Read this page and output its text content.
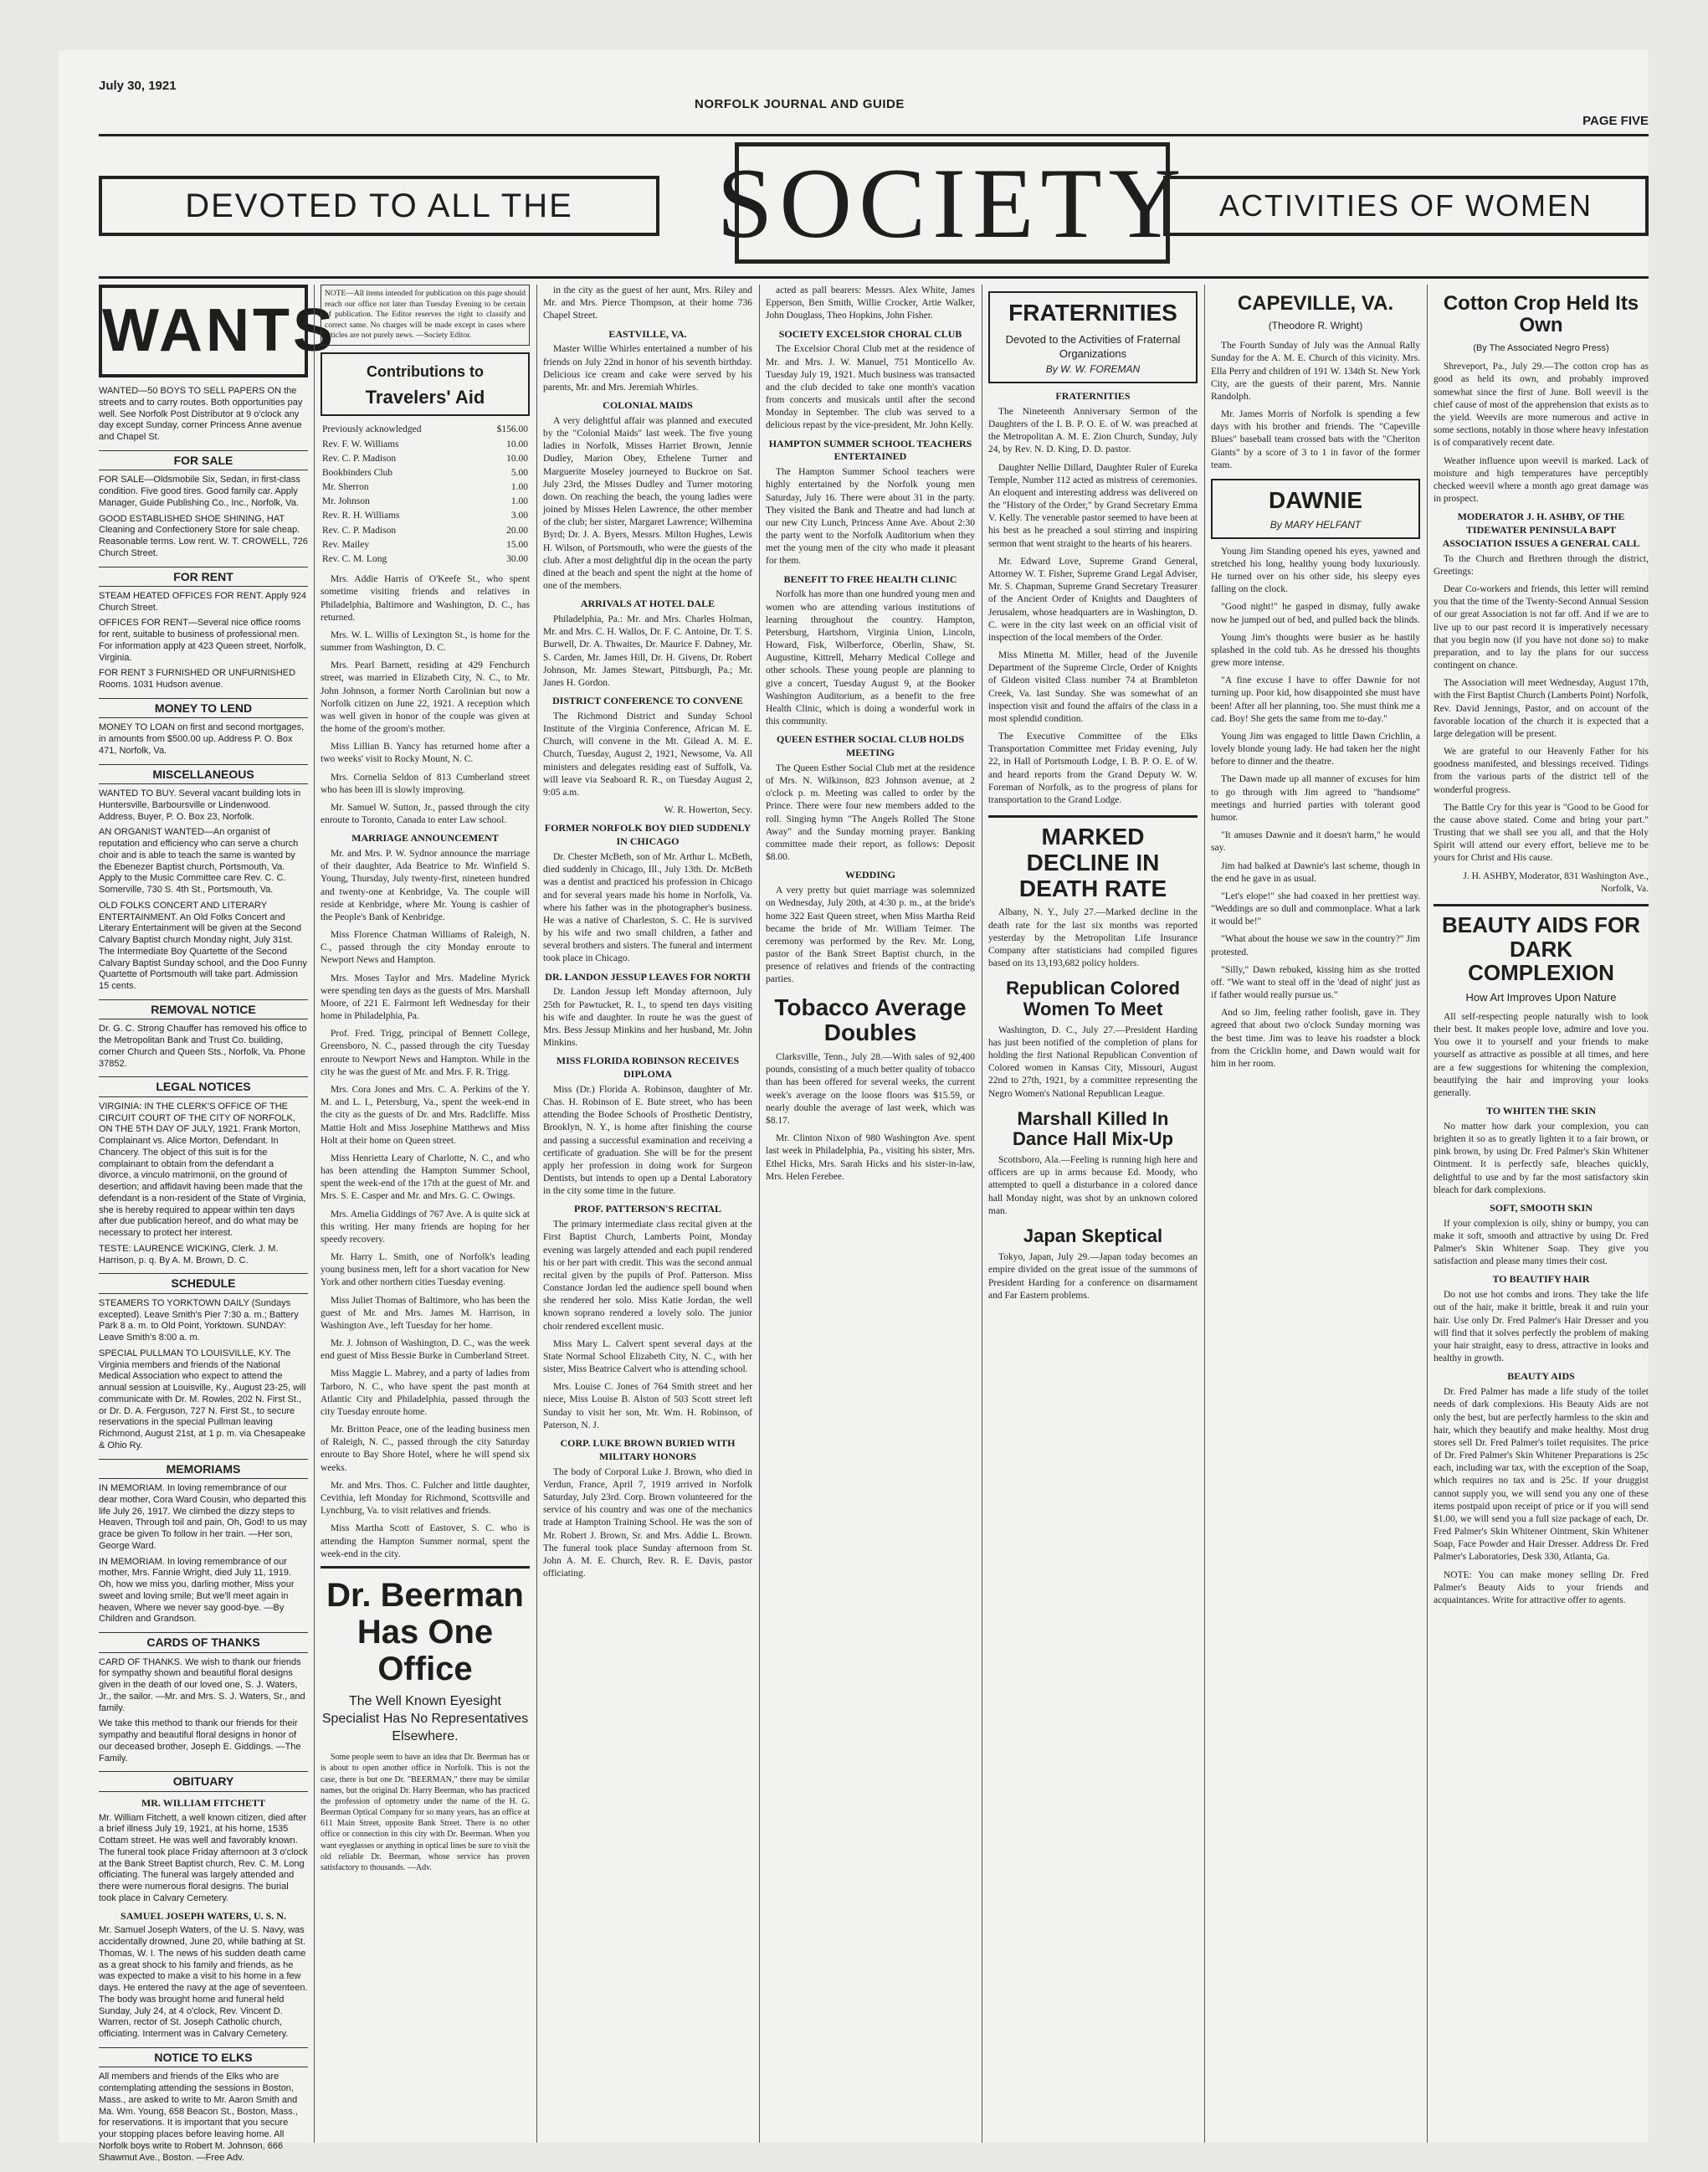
July 30, 1921
NORFOLK JOURNAL AND GUIDE
PAGE FIVE
DEVOTED TO ALL THE	SOCIETY	ACTIVITIES OF WOMEN
WANTS
WANTED—50 BOYS TO SELL PAPERS ON the streets and to carry routes. Both opportunities pay well. See Norfolk Post Distributor at 9 o'clock any day except Sunday, corner Princess Anne avenue and Chapel St.
FOR SALE
FOR SALE—Oldsmobile Six, Sedan, in first-class condition. Five good tires. Good family car. Apply Manager, Guide Publishing Co., Inc., Norfolk, Va.
GOOD ESTABLISHED SHOE SHINING, HAT Cleaning and Confectionery Store for sale cheap. Reasonable terms. Low rent. W. T. CROWELL, 726 Church Street.
FOR RENT
STEAM HEATED OFFICES FOR RENT. Apply 924 Church Street.
OFFICES FOR RENT—Several nice office rooms for rent, suitable to business of professional men. For information apply at 423 Queen street, Norfolk, Virginia.
FOR RENT 3 FURNISHED OR UNFURNISHED Rooms. 1031 Hudson avenue.
MONEY TO LEND
MONEY TO LOAN on first and second mortgages, in amounts from $500.00 up. Address P. O. Box 471, Norfolk, Va.
MISCELLANEOUS
WANTED TO BUY. Several vacant building lots in Huntersville, Barboursville or Lindenwood. Address, Buyer, P. O. Box 23, Norfolk.
AN ORGANIST WANTED—An organist of reputation and efficiency who can serve a church choir and is able to teach the same is wanted by the Ebenezer Baptist church, Portsmouth, Va. Apply to the Music Committee care Rev. C. C. Somerville, 730 S. 4th St., Portsmouth, Va.
OLD FOLKS CONCERT AND LITERARY ENTERTAINMENT. An Old Folks Concert and Literary Entertainment will be given at the Second Calvary Baptist church Monday night, July 31st. The Intermediate Boy Quartette of the Second Calvary Baptist Sunday school, and the Doo Funny Quartette of Portsmouth will take part. Admission 15 cents.
REMOVAL NOTICE
Dr. G. C. Strong Chauffer has removed his office to the Metropolitan Bank and Trust Co. building, corner Church and Queen Sts., Norfolk, Va. Phone 37852.
LEGAL NOTICES
VIRGINIA: IN THE CLERK'S OFFICE OF THE CIRCUIT COURT OF THE CITY OF NORFOLK, ON THE 5TH DAY OF JULY, 1921. Frank Morton, Complainant vs. Alice Morton, Defendant. In Chancery. The object of this suit is for the complainant to obtain from the defendant a divorce, a vinculo matrimonii, on the ground of desertion; and affidavit having been made that the defendant is a non-resident of the State of Virginia, she is hereby required to appear within ten days after due publication hereof, and do what may be necessary to protect her interest.
TESTE: LAURENCE WICKING, Clerk. J. M. Harrison, p. q. By A. M. Brown, D. C.
SCHEDULE
STEAMERS TO YORKTOWN DAILY (Sundays excepted). Leave Smith's Pier 7:30 a. m.; Battery Park 8 a. m. to Old Point, Yorktown. SUNDAY: Leave Smith's 8:00 a. m.
SPECIAL PULLMAN TO LOUISVILLE, KY. The Virginia members and friends of the National Medical Association who expect to attend the annual session at Louisville, Ky., August 23-25, will communicate with Dr. M. Rowles, 202 N. First St., or Dr. D. A. Ferguson, 727 N. First St., to secure reservations in the special Pullman leaving Richmond, August 21st, at 1 p. m. via Chesapeake & Ohio Ry.
MEMORIAMS
IN MEMORIAM. In loving remembrance of our dear mother, Cora Ward Cousin, who departed this life July 26, 1917. We climbed the dizzy steps to Heaven, Through toil and pain, Oh, God! to us may grace be given To follow in her train. —Her son, George Ward.
IN MEMORIAM. In loving remembrance of our mother, Mrs. Fannie Wright, died July 11, 1919. Oh, how we miss you, darling mother, Miss your sweet and loving smile; But we'll meet again in heaven, Where we never say good-bye. —By Children and Grandson.
CARDS OF THANKS
CARD OF THANKS. We wish to thank our friends for sympathy shown and beautiful floral designs given in the death of our loved one, S. J. Waters, Jr., the sailor. —Mr. and Mrs. S. J. Waters, Sr., and family.
We take this method to thank our friends for their sympathy and beautiful floral designs in honor of our deceased brother, Joseph E. Giddings. —The Family.
OBITUARY
MR. WILLIAM FITCHETT
Mr. William Fitchett, a well known citizen, died after a brief illness July 19, 1921, at his home, 1535 Cottam street. He was well and favorably known. The funeral took place Friday afternoon at 3 o'clock at the Bank Street Baptist church, Rev. C. M. Long officiating. The funeral was largely attended and there were numerous floral designs. The burial took place in Calvary Cemetery.
SAMUEL JOSEPH WATERS, U. S. N.
Mr. Samuel Joseph Waters, of the U. S. Navy, was accidentally drowned, June 20, while bathing at St. Thomas, W. I. The news of his sudden death came as a great shock to his family and friends, as he was expected to make a visit to his home in a few days. He entered the navy at the age of seventeen. The body was brought home and funeral held Sunday, July 24, at 4 o'clock, Rev. Vincent D. Warren, rector of St. Joseph Catholic church, officiating. Interment was in Calvary Cemetery.
NOTICE TO ELKS
All members and friends of the Elks who are contemplating attending the sessions in Boston, Mass., are asked to write to Mr. Aaron Smith and Ma. Wm. Young, 658 Beacon St., Boston, Mass., for reservations. It is important that you secure your stopping places before leaving home. All Norfolk boys write to Robert M. Johnson, 666 Shawmut Ave., Boston. —Free Adv.
NOTE—All items intended for publication on this page should reach our office not later than Tuesday Evening to be certain of publication. The Editor reserves the right to classify and correct same. No charges will be made except in cases where articles are not purely news. —Society Editor.
Contributions to
Travelers' Aid
Previously acknowledged	$156.00
Rev. F. W. Williams	10.00
Rev. C. P. Madison	10.00
Bookbinders Club	5.00
Mr. Sherron	1.00
Mr. Johnson	1.00
Rev. R. H. Williams	3.00
Rev. C. P. Madison	20.00
Rev. Mailey	15.00
Rev. C. M. Long	30.00

Mrs. Addie Harris of O'Keefe St., who spent sometime visiting friends and relatives in Philadelphia, Baltimore and Washington, D. C., has returned.

Mrs. W. L. Willis of Lexington St., is home for the summer from Washington, D. C.

Mrs. Pearl Barnett, residing at 429 Fenchurch street, was married in Elizabeth City, N. C., to Mr. John Johnson, a former North Carolinian but now a Norfolk citizen on June 22, 1921. A reception which was well given in honor of the couple was given at the home of the groom's mother.

Miss Lillian B. Yancy has returned home after a two weeks' visit to Rocky Mount, N. C.

Mrs. Cornelia Seldon of 813 Cumberland street who has been ill is slowly improving.

Mr. Samuel W. Sutton, Jr., passed through the city enroute to Toronto, Canada to enter Law school.

MARRIAGE ANNOUNCEMENT

Mr. and Mrs. P. W. Sydnor announce the marriage of their daughter, Ada Beatrice to Mr. Winfield S. Young, Thursday, July twenty-first, nineteen hundred and twenty-one at Kenbridge, Va. The couple will reside at Kenbridge, where Mr. Young is cashier of the People's Bank of Kenbridge.

Miss Florence Chatman Williams of Raleigh, N. C., passed through the city Monday enroute to Newport News and Hampton.

Mrs. Moses Taylor and Mrs. Madeline Myrick were spending ten days as the guests of Mrs. Marshall Moore, of 221 E. Fairmont left Wednesday for their home in Philadelphia, Pa.

Prof. Fred. Trigg, principal of Bennett College, Greensboro, N. C., passed through the city Tuesday enroute to Newport News and Hampton. While in the city he was the guest of Mr. and Mrs. F. R. Trigg.

Mrs. Cora Jones and Mrs. C. A. Perkins of the Y. M. and L. I., Petersburg, Va., spent the week-end in the city as the guests of Dr. and Mrs. Radcliffe. Miss Mattie Holt and Miss Josephine Matthews and Miss Holt at their home on Queen street.

Miss Henrietta Leary of Charlotte, N. C., and who has been attending the Hampton Summer School, spent the week-end of the 17th at the guest of Mr. and Mrs. S. E. Casper and Mr. and Mrs. G. C. Owings.

Mrs. Amelia Giddings of 767 Ave. A is quite sick at this writing. Her many friends are hoping for her speedy recovery.

Mr. Harry L. Smith, one of Norfolk's leading young business men, left for a short vacation for New York and other northern cities Tuesday evening.

Miss Juliet Thomas of Baltimore, who has been the guest of Mr. and Mrs. James M. Harrison, in Washington Ave., left Tuesday for her home.

Mr. J. Johnson of Washington, D. C., was the week end guest of Miss Bessie Burke in Cumberland Street.

Miss Maggie L. Mabrey, and a party of ladies from Tarboro, N. C., who have spent the past month at Atlantic City and Philadelphia, passed through the city Tuesday enroute home.

Mr. Britton Peace, one of the leading business men of Raleigh, N. C., passed through the city Saturday enroute to Bay Shore Hotel, where he will spend six weeks.

Mr. and Mrs. Thos. C. Fulcher and little daughter, Cevithia, left Monday for Richmond, Scottsville and Lynchburg, Va. to visit relatives and friends.

Miss Martha Scott of Eastover, S. C. who is attending the Hampton Summer normal, spent the week-end in the city.

Dr. Beerman Has One Office
The Well Known Eyesight Specialist Has No Representatives Elsewhere.

Some people seem to have an idea that Dr. Beerman has or is about to open another office in Norfolk. This is not the case, there is but one Dr. "BEERMAN," there may be similar names, but the original Dr. Harry Beerman, who has practiced the profession of optometry under the name of the H. G. Beerman Optical Company for so many years, has an office at 611 Main Street, opposite Bank Street. There is no other office or connection in this city with Dr. Beerman. When you want eyeglasses or anything in optical lines be sure to visit the old reliable Dr. Beerman, whose service has proven satisfactory to thousands. —Adv.

in the city as the guest of her aunt, Mrs. Riley and Mr. and Mrs. Pierce Thompson, at their home 736 Chapel Street.

EASTVILLE, VA.

Master Willie Whirles entertained a number of his friends on July 22nd in honor of his seventh birthday. Delicious ice cream and cake were served by his parents, Mr. and Mrs. Jeremiah Whirles.

COLONIAL MAIDS

A very delightful affair was planned and executed by the "Colonial Maids" last week. The five young ladies in Norfolk, Misses Harriet Brown, Jennie Dudley, Marion Obey, Ethelene Turner and Marguerite Moseley journeyed to Buckroe on Sat. July 23rd, the Misses Dudley and Turner motoring down. On reaching the beach, the young ladies were joined by Misses Helen Lawrence, the other member of the club; her sister, Margaret Lawrence; Wilhemina Byrd; Dr. J. A. Byers, Messrs. Milton Hughes, Lewis H. Wilson, of Portsmouth, who were the guests of the club. After a most delightful dip in the ocean the party dined at the beach and spent the night at the home of one of the members.

ARRIVALS AT HOTEL DALE

Philadelphia, Pa.: Mr. and Mrs. Charles Holman, Mr. and Mrs. C. H. Wallos, Dr. F. C. Antoine, Dr. T. S. Burwell, Dr. A. Thwaites, Dr. Maurice F. Dabney, Mr. S. Carden, Mr. James Hill, Dr. H. Givens, Dr. Robert Johnson, Mr. James Stewart, Pittsburgh, Pa.; Mr. Janes H. Gordon.

DISTRICT CONFERENCE TO CONVENE

The Richmond District and Sunday School Institute of the Virginia Conference, African M. E. Church, will convene in the Mt. Gilead A. M. E. Church, Tuesday, August 2, 1921, Newsome, Va. All ministers and delegates residing east of Suffolk, Va. will leave via Seaboard R. R., on Tuesday August 2, 9:05 a.m.

W. R. Howerton, Secy.

FORMER NORFOLK BOY DIED SUDDENLY IN CHICAGO

Dr. Chester McBeth, son of Mr. Arthur L. McBeth, died suddenly in Chicago, Ill., July 13th. Dr. McBeth was a dentist and practiced his profession in Chicago and for several years made his home in Norfolk, Va. where his father was in the photographer's business. He was a native of Charleston, S. C. He is survived by his wife and two small children, a father and several brothers and sisters. The funeral and interment took place in Chicago.

DR. LANDON JESSUP LEAVES FOR NORTH

Dr. Landon Jessup left Monday afternoon, July 25th for Pawtucket, R. I., to spend ten days visiting his wife and daughter. In route he was the guest of Mrs. Bess Jessup Minkins and her husband, Mr. John Minkins.

MISS FLORIDA ROBINSON RECEIVES DIPLOMA

Miss (Dr.) Florida A. Robinson, daughter of Mr. Chas. H. Robinson of E. Bute street, who has been attending the Bodee Schools of Prosthetic Dentistry, Brooklyn, N. Y., is home after finishing the course and passing a successful examination and receiving a certificate of graduation. She will be for the present apply her profession in doing work for Surgeon Dentists, but intends to open up a Dental Laboratory in the city some time in the future.

PROF. PATTERSON'S RECITAL

The primary intermediate class recital given at the First Baptist Church, Lamberts Point, Monday evening was largely attended and each pupil rendered his or her part with credit. This was the second annual recital given by the pupils of Prof. Patterson. Miss Constance Jordan led the audience spell bound when she rendered her solo. Miss Katie Jordan, the well known soprano rendered a lovely solo. The junior choir rendered excellent music.

Miss Mary L. Calvert spent several days at the State Normal School Elizabeth City, N. C., with her sister, Miss Beatrice Calvert who is attending school.

Mrs. Louise C. Jones of 764 Smith street and her niece, Miss Louise B. Alston of 503 Scott street left Sunday to visit her son, Mr. Wm. H. Robinson, of Paterson, N. J.

CORP. LUKE BROWN BURIED WITH MILITARY HONORS

The body of Corporal Luke J. Brown, who died in Verdun, France, April 7, 1919 arrived in Norfolk Saturday, July 23rd. Corp. Brown volunteered for the service of his country and was one of the mechanics trade at Hampton Training School. He was the son of Mr. Robert J. Brown, Sr. and Mrs. Addie L. Brown. The funeral took place Sunday afternoon from St. John A. M. E. Church, Rev. R. E. Davis, pastor officiating.

acted as pall bearers: Messrs. Alex White, James Epperson, Ben Smith, Willie Crocker, Artie Walker, John Douglass, Theo Hopkins, John Fisher.

SOCIETY EXCELSIOR CHORAL CLUB

The Excelsior Choral Club met at the residence of Mr. and Mrs. J. W. Manuel, 751 Monticello Av. Tuesday July 19, 1921. Much business was transacted and the club decided to take one month's vacation from concerts and musicals until after the second Monday in September. The club was served to a delicious repast by the vice-president, Mr. John Kelly.

HAMPTON SUMMER SCHOOL TEACHERS ENTERTAINED

The Hampton Summer School teachers were highly entertained by the Norfolk young men Saturday, July 16. There were about 31 in the party. They visited the Bank and Theatre and had lunch at our new City Lunch, Princess Anne Ave. About 2:30 the party went to the Norfolk Auditorium when they met the young men of the city who made it pleasant for them.

BENEFIT TO FREE HEALTH CLINIC

Norfolk has more than one hundred young men and women who are attending various institutions of learning throughout the country. Hampton, Petersburg, Hartshorn, Virginia Union, Lincoln, Howard, Fisk, Wilberforce, Oberlin, Shaw, St. Augustine, Kittrell, Meharry Medical College and other schools. These young people are planning to give a concert, Tuesday August 9, at the Booker Washington Auditorium, as a benefit to the free Health Clinic, which is doing a wonderful work in this community.

QUEEN ESTHER SOCIAL CLUB HOLDS MEETING

The Queen Esther Social Club met at the residence of Mrs. N. Wilkinson, 823 Johnson avenue, at 2 o'clock p. m. Meeting was called to order by the Prince. There were four new members added to the roll. Singing hymn "The Angels Rolled The Stone Away" and the Sunday morning prayer. Banking committee made their report, as follows: Deposit $8.00.

WEDDING

A very pretty but quiet marriage was solemnized on Wednesday, July 20th, at 4:30 p. m., at the bride's home 322 East Queen street, when Miss Martha Reid became the bride of Mr. William Teimer. The ceremony was performed by the Rev. Mr. Long, pastor of the Bank Street Baptist church, in the presence of relatives and friends of the contracting parties.

Tobacco Average Doubles

Clarksville, Tenn., July 28.—With sales of 92,400 pounds, consisting of a much better quality of tobacco than has been offered for several weeks, the current week's average on the loose floors was $15.59, or nearly double the average of last week, which was $8.17.

Mr. Clinton Nixon of 980 Washington Ave. spent last week in Philadelphia, Pa., visiting his sister, Mrs. Ethel Hicks, Mrs. Sarah Hicks and his sister-in-law, Mrs. Helen Ferebee.

FRATERNITIES
Devoted to the Activities of Fraternal Organizations
By W. W. FOREMAN
FRATERNITIES

The Nineteenth Anniversary Sermon of the Daughters of the I. B. P. O. E. of W. was preached at the Metropolitan A. M. E. Zion Church, Sunday, July 24, by Rev. N. D. King, D. D. pastor.

Daughter Nellie Dillard, Daughter Ruler of Eureka Temple, Number 112 acted as mistress of ceremonies. An eloquent and interesting address was delivered on the "History of the Order," by Grand Secretary Emma V. Kelly. The venerable pastor seemed to have been at his best as he preached a soul stirring and inspiring sermon that went straight to the hearts of his hearers.

Mr. Edward Love, Supreme Grand General, Attorney W. T. Fisher, Supreme Grand Legal Adviser, Mr. S. Chapman, Supreme Grand Secretary Treasurer of the Ancient Order of Knights and Daughters of Jerusalem, whose headquarters are in Washington, D. C. were in the city last week on an official visit of inspection of the local members of the Order.

Miss Minetta M. Miller, head of the Juvenile Department of the Supreme Circle, Order of Knights of Gideon visited Class number 74 at Brambleton Creek, Va. last Sunday. She was somewhat of an inspection visit and found the affairs of the class in a most splendid condition.

The Executive Committee of the Elks Transportation Committee met Friday evening, July 22, in Hall of Portsmouth Lodge, I. B. P. O. E. of W. and heard reports from the Grand Deputy W. W. Foreman of Norfolk, as to the progress of plans for transportation to the Grand Lodge.

MARKED DECLINE IN DEATH RATE

Albany, N. Y., July 27.—Marked decline in the death rate for the last six months was reported yesterday by the Metropolitan Life Insurance Company after statisticians had compiled figures based on its 13,193,682 policy holders.

Republican Colored Women To Meet

Washington, D. C., July 27.—President Harding has just been notified of the completion of plans for holding the first National Republican Convention of Colored women in Kansas City, Missouri, August 22nd to 27th, 1921, by a committee representing the Negro Women's National Republican League.

Marshall Killed In Dance Hall Mix-Up

Scottsboro, Ala.—Feeling is running high here and officers are up in arms because Ed. Moody, who attempted to quell a disturbance in a colored dance hall Monday night, was shot by an unknown colored man.

Japan Skeptical

Tokyo, Japan, July 29.—Japan today becomes an empire divided on the great issue of the summons of President Harding for a conference on disarmament and Far Eastern problems.

CAPEVILLE, VA.
(Theodore R. Wright)

The Fourth Sunday of July was the Annual Rally Sunday for the A. M. E. Church of this vicinity. Mrs. Ella Perry and children of 191 W. 134th St. New York City, are the guests of their parent, Mrs. Nannie Randolph.

Mr. James Morris of Norfolk is spending a few days with his brother and friends. The "Capeville Blues" baseball team crossed bats with the "Cheriton Giants" by a score of 3 to 1 in favor of the former team.

DAWNIE
By MARY HELFANT

Young Jim Standing opened his eyes, yawned and stretched his long, healthy young body luxuriously. He turned over on his other side, his sleepy eyes falling on the clock.

"Good night!" he gasped in dismay, fully awake now he jumped out of bed, and pulled back the blinds.

Young Jim's thoughts were busier as he hastily splashed in the cold tub. As he dressed his thoughts grew more intense.

"A fine excuse I have to offer Dawnie for not turning up. Poor kid, how disappointed she must have been! After all her planning, too. She must think me a cad. Boy! She gets the same from me to-day."

Young Jim was engaged to little Dawn Crichlin, a lovely blonde young lady. He had taken her the night before to dinner and the theatre.

The Dawn made up all manner of excuses for him to go through with Jim agreed to "handsome" meetings and hurried parties with tolerant good humor.

"It amuses Dawnie and it doesn't harm," he would say.

Jim had balked at Dawnie's last scheme, though in the end he gave in as usual.

"Let's elope!" she had coaxed in her prettiest way. "Weddings are so dull and commonplace. What a lark it would be!"

"What about the house we saw in the country?" Jim protested.

"Silly," Dawn rebuked, kissing him as she trotted off. "We want to steal off in the 'dead of night' just as if father would really pursue us."

And so Jim, feeling rather foolish, gave in. They agreed that about two o'clock Sunday morning was the best time. Jim was to leave his roadster a block from the Cricklin home, and Dawn would wait for him in her room.

Cotton Crop Held Its Own
(By The Associated Negro Press)

Shreveport, Pa., July 29.—The cotton crop has as good as held its own, and probably improved somewhat since the first of June. Boll weevil is the chief cause of most of the apprehension that exists as to the yield. Weevils are more numerous and active in some sections, notably in those where heavy infestation is of comparatively recent date.

Weather influence upon weevil is marked. Lack of moisture and high temperatures have perceptibly checked weevil where a month ago great damage was in prospect.

MODERATOR J. H. ASHBY, OF THE TIDEWATER PENINSULA BAPT ASSOCIATION ISSUES A GENERAL CALL

To the Church and Brethren through the district, Greetings:

Dear Co-workers and friends, this letter will remind you that the time of the Twenty-Second Annual Session of our great Association is not far off. And if we are to live up to our past record it is imperatively necessary that you begin now (if you have not done so) to make preparation, and to lay the plans for our success contingent on chance.

The Association will meet Wednesday, August 17th, with the First Baptist Church (Lamberts Point) Norfolk, Rev. David Jennings, Pastor, and on account of the favorable location of the church it is expected that a large delegation will be present.

We are grateful to our Heavenly Father for his goodness manifested, and blessings received. Tidings from the various parts of the district tell of the wonderful progress.

The Battle Cry for this year is "Good to be Good for the cause above stated. Come and bring your part." Trusting that we shall see you all, and that the Holy Spirit will attend our every effort, believe me to be yours for Christ and His cause.

J. H. ASHBY, Moderator, 831 Washington Ave., Norfolk, Va.

BEAUTY AIDS FOR DARK COMPLEXION
How Art Improves Upon Nature

All self-respecting people naturally wish to look their best. It makes people love, admire and love you. You owe it to yourself and your friends to make yourself as attractive as possible at all times, and here are a few suggestions for whitening the complexion, beautifying the hair and improving your looks generally.

TO WHITEN THE SKIN

No matter how dark your complexion, you can brighten it so as to greatly lighten it to a fair brown, or pink brown, by using Dr. Fred Palmer's Skin Whitener Ointment. It is perfectly safe, bleaches quickly, delightful to use and by far the most satisfactory skin bleach for dark complexions.

SOFT, SMOOTH SKIN

If your complexion is oily, shiny or bumpy, you can make it soft, smooth and attractive by using Dr. Fred Palmer's Skin Whitener Soap. They give you satisfaction and please many times their cost.

TO BEAUTIFY HAIR

Do not use hot combs and irons. They take the life out of the hair, make it brittle, break it and ruin your hair. Use only Dr. Fred Palmer's Hair Dresser and you will find that it solves perfectly the problem of making your hair straight, easy to dress, attractive in looks and healthy in growth.

BEAUTY AIDS

Dr. Fred Palmer has made a life study of the toilet needs of dark complexions. His Beauty Aids are not only the best, but are perfectly harmless to the skin and hair, which they beautify and make healthy. Most drug stores sell Dr. Fred Palmer's toilet requisites. The price of Dr. Fred Palmer's Skin Whitener Preparations is 25c each, including war tax, with the exception of the Soap, which requires no tax and is 25c. If your druggist cannot supply you, we will send you any one of these items postpaid upon receipt of price or if you will send $1.00, we will send you a full size package of each, Dr. Fred Palmer's Skin Whitener Ointment, Skin Whitener Soap, Face Powder and Hair Dresser. Address Dr. Fred Palmer's Laboratories, Desk 330, Atlanta, Ga.

NOTE: You can make money selling Dr. Fred Palmer's Beauty Aids to your friends and acquaintances. Write for attractive offer to agents.
